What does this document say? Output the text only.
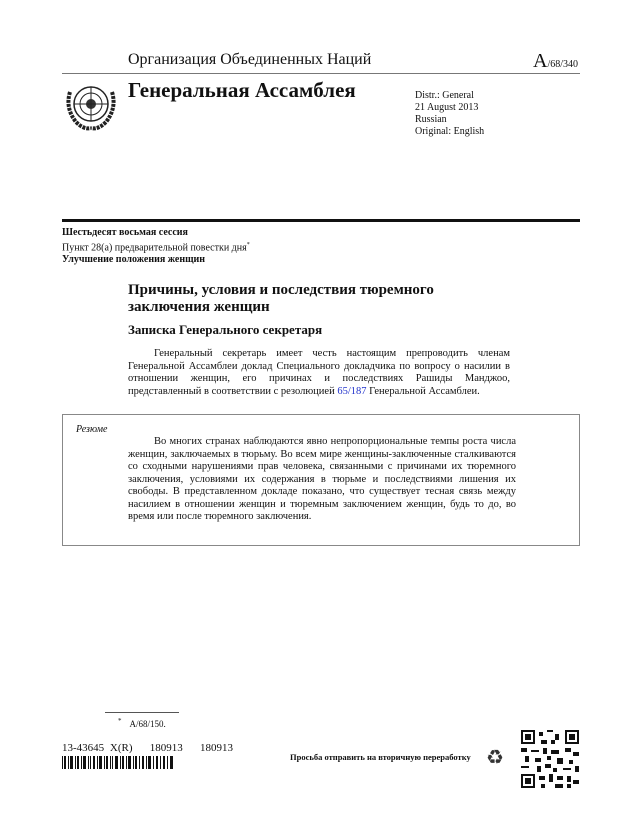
Организация Объединенных Наций	A/68/340
Генеральная Ассамблея	Distr.: General
21 August 2013
Russian
Original: English
Шестьдесят восьмая сессия
Пункт 28(a) предварительной повестки дня*
Улучшение положения женщин
Причины, условия и последствия тюремного заключения женщин
Записка Генерального секретаря
Генеральный секретарь имеет честь настоящим препроводить членам Генеральной Ассамблеи доклад Специального докладчика по вопросу о насилии в отношении женщин, его причинах и последствиях Рашиды Манджоо, представленный в соответствии с резолюцией 65/187 Генеральной Ассамблеи.
Резюме
Во многих странах наблюдаются явно непропорциональные темпы роста числа женщин, заключаемых в тюрьму. Во всем мире женщины-заключенные сталкиваются со сходными нарушениями прав человека, связанными с причинами их тюремного заключения, условиями их содержания в тюрьме и последствиями лишения их свободы. В представленном докладе показано, что существует тесная связь между насилием в отношении женщин и тюремным заключением женщин, будь то до, во время или после тюремного заключения.
* A/68/150.
13-43645 X(R)   180913   180913
Просьба отправить на вторичную переработку ♻
